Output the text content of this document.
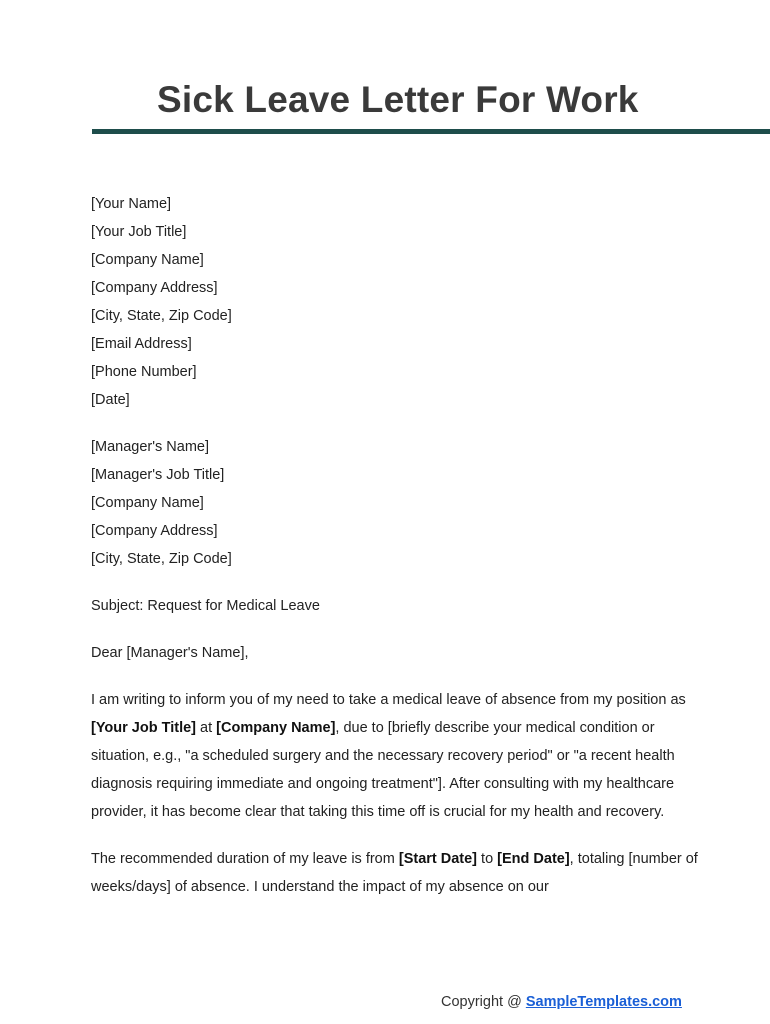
Sick Leave Letter For Work
[Your Name]
[Your Job Title]
[Company Name]
[Company Address]
[City, State, Zip Code]
[Email Address]
[Phone Number]
[Date]
[Manager's Name]
[Manager's Job Title]
[Company Name]
[Company Address]
[City, State, Zip Code]

Subject: Request for Medical Leave

Dear [Manager's Name],

I am writing to inform you of my need to take a medical leave of absence from my position as [Your Job Title] at [Company Name], due to [briefly describe your medical condition or situation, e.g., "a scheduled surgery and the necessary recovery period" or "a recent health diagnosis requiring immediate and ongoing treatment"]. After consulting with my healthcare provider, it has become clear that taking this time off is crucial for my health and recovery.

The recommended duration of my leave is from [Start Date] to [End Date], totaling [number of weeks/days] of absence. I understand the impact of my absence on our

Copyright @ SampleTemplates.com
